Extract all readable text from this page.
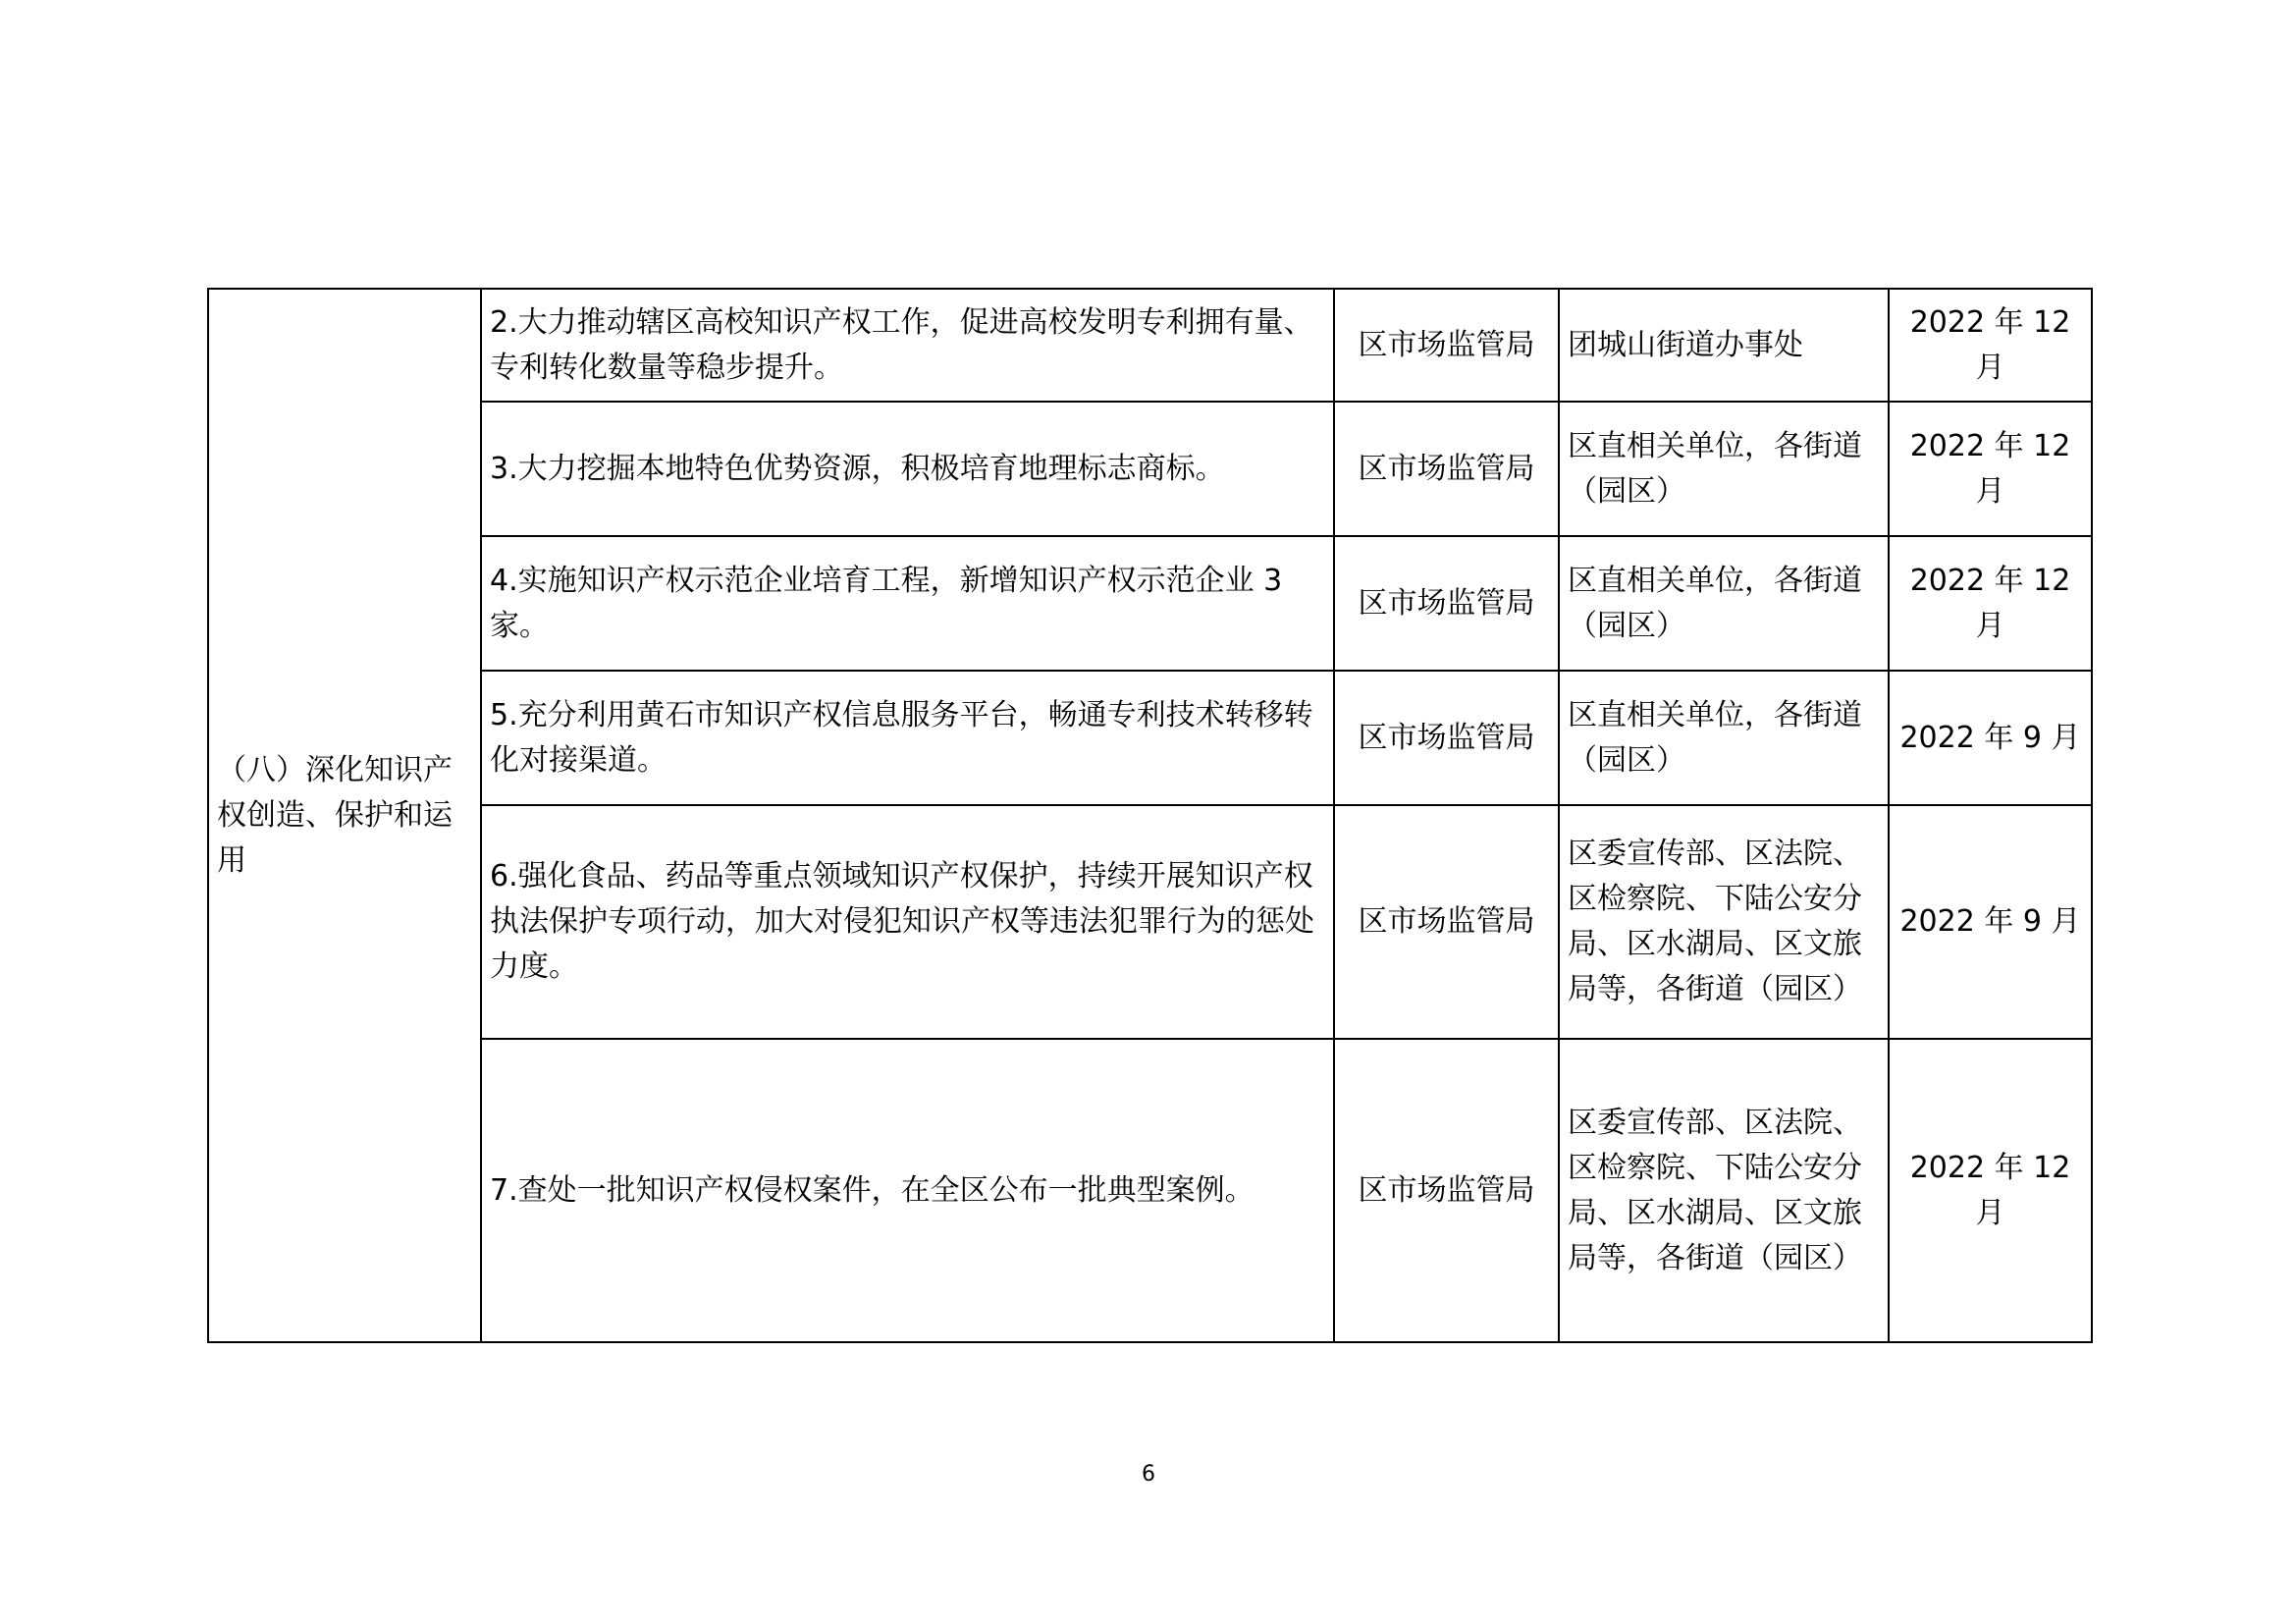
（八）深化知识产权创造、保护和运用	2.大力推动辖区高校知识产权工作，促进高校发明专利拥有量、专利转化数量等稳步提升。	区市场监管局	团城山街道办事处	2022 年 12 月
	3.大力挖掘本地特色优势资源，积极培育地理标志商标。	区市场监管局	区直相关单位，各街道（园区）	2022 年 12 月
	4.实施知识产权示范企业培育工程，新增知识产权示范企业 3 家。	区市场监管局	区直相关单位，各街道（园区）	2022 年 12 月
	5.充分利用黄石市知识产权信息服务平台，畅通专利技术转移转化对接渠道。	区市场监管局	区直相关单位，各街道（园区）	2022 年 9 月
	6.强化食品、药品等重点领域知识产权保护，持续开展知识产权执法保护专项行动，加大对侵犯知识产权等违法犯罪行为的惩处力度。	区市场监管局	区委宣传部、区法院、区检察院、下陆公安分局、区水湖局、区文旅局等，各街道（园区）	2022 年 9 月
	7.查处一批知识产权侵权案件，在全区公布一批典型案例。	区市场监管局	区委宣传部、区法院、区检察院、下陆公安分局、区水湖局、区文旅局等，各街道（园区）	2022 年 12 月
6
